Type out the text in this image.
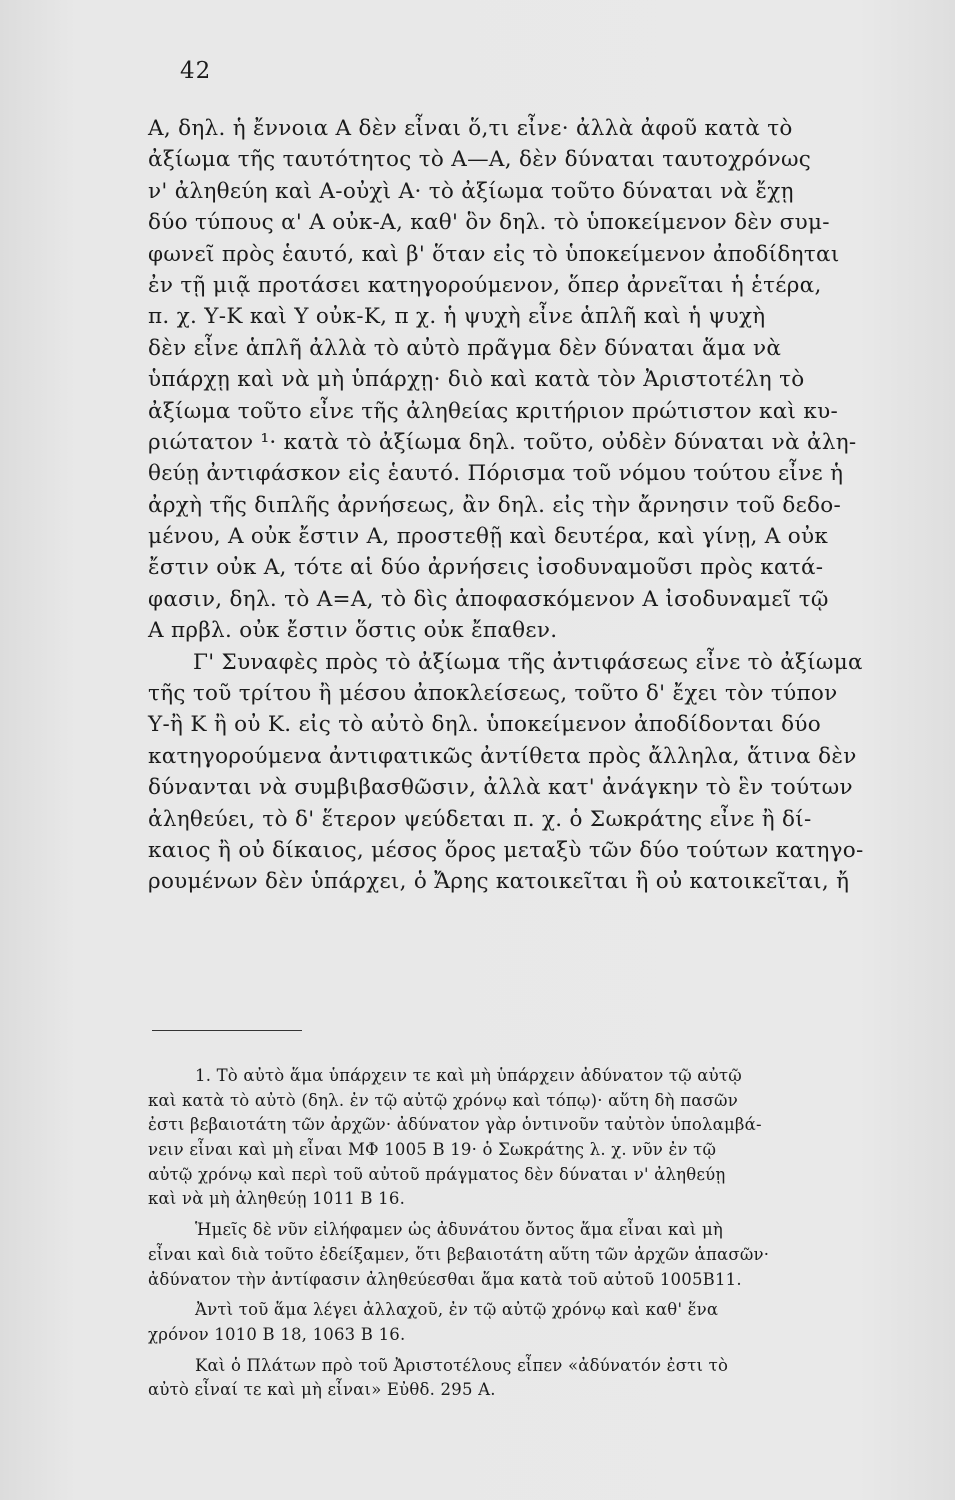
42
Α, δηλ. ἡ ἔννοια Α δὲν εἶναι ὅ,τι εἶνε· ἀλλὰ ἀφοῦ κατὰ τὸ
ἀξίωμα τῆς ταυτότητος τὸ Α—Α, δὲν δύναται ταυτοχρόνως
ν' ἀληθεύη καὶ Α-οὐχὶ Α· τὸ ἀξίωμα τοῦτο δύναται νὰ ἔχῃ
δύο τύπους α' Α οὐκ-Α, καθ' ὃν δηλ. τὸ ὑποκείμενον δὲν συμ-
φωνεῖ πρὸς ἑαυτό, καὶ β' ὅταν εἰς τὸ ὑποκείμενον ἀποδίδηται
ἐν τῇ μιᾷ προτάσει κατηγορούμενον, ὅπερ ἀρνεῖται ἡ ἑτέρα,
π. χ. Υ-Κ καὶ Υ οὐκ-Κ, π χ. ἡ ψυχὴ εἶνε ἁπλῆ καὶ ἡ ψυχὴ
δὲν εἶνε ἁπλῆ ἀλλὰ τὸ αὐτὸ πρᾶγμα δὲν δύναται ἅμα νὰ
ὑπάρχῃ καὶ νὰ μὴ ὑπάρχῃ· διὸ καὶ κατὰ τὸν Ἀριστοτέλη τὸ
ἀξίωμα τοῦτο εἶνε τῆς ἀληθείας κριτήριον πρώτιστον καὶ κυ-
ριώτατον ¹· κατὰ τὸ ἀξίωμα δηλ. τοῦτο, οὐδὲν δύναται νὰ ἀλη-
θεύῃ ἀντιφάσκον εἰς ἑαυτό. Πόρισμα τοῦ νόμου τούτου εἶνε ἡ
ἀρχὴ τῆς διπλῆς ἀρνήσεως, ἂν δηλ. εἰς τὴν ἄρνησιν τοῦ δεδο-
μένου, Α οὐκ ἔστιν Α, προστεθῇ καὶ δευτέρα, καὶ γίνῃ, Α οὐκ
ἔστιν οὐκ Α, τότε αἱ δύο ἀρνήσεις ἰσοδυναμοῦσι πρὸς κατά-
φασιν, δηλ. τὸ Α=Α, τὸ δὶς ἀποφασκόμενον Α ἰσοδυναμεῖ τῷ
Α πρβλ. οὐκ ἔστιν ὅστις οὐκ ἔπαθεν.
Γ' Συναφὲς πρὸς τὸ ἀξίωμα τῆς ἀντιφάσεως εἶνε τὸ ἀξίωμα
τῆς τοῦ τρίτου ἢ μέσου ἀποκλείσεως, τοῦτο δ' ἔχει τὸν τύπον
Υ-ἢ Κ ἢ οὐ Κ. εἰς τὸ αὐτὸ δηλ. ὑποκείμενον ἀποδίδονται δύο
κατηγορούμενα ἀντιφατικῶς ἀντίθετα πρὸς ἄλληλα, ἅτινα δὲν
δύνανται νὰ συμβιβασθῶσιν, ἀλλὰ κατ' ἀνάγκην τὸ ἓν τούτων
ἀληθεύει, τὸ δ' ἕτερον ψεύδεται π. χ. ὁ Σωκράτης εἶνε ἢ δί-
καιος ἢ οὐ δίκαιος, μέσος ὅρος μεταξὺ τῶν δύο τούτων κατηγο-
ρουμένων δὲν ὑπάρχει, ὁ Ἄρης κατοικεῖται ἢ οὐ κατοικεῖται, ἤ
1. Τὸ αὐτὸ ἅμα ὑπάρχειν τε καὶ μὴ ὑπάρχειν ἀδύνατον τῷ αὐτῷ
καὶ κατὰ τὸ αὐτὸ (δηλ. ἐν τῷ αὐτῷ χρόνῳ καὶ τόπῳ)· αὕτη δὴ πασῶν
ἐστι βεβαιοτάτη τῶν ἀρχῶν· ἀδύνατον γὰρ ὁντινοῦν ταὐτὸν ὑπολαμβά-
νειν εἶναι καὶ μὴ εἶναι ΜΦ 1005 Β 19· ὁ Σωκράτης λ. χ. νῦν ἐν τῷ
αὐτῷ χρόνῳ καὶ περὶ τοῦ αὐτοῦ πράγματος δὲν δύναται ν' ἀληθεύῃ
καὶ νὰ μὴ ἀληθεύῃ 1011 Β 16.
Ἡμεῖς δὲ νῦν εἰλήφαμεν ὡς ἀδυνάτου ὄντος ἅμα εἶναι καὶ μὴ
εἶναι καὶ διὰ τοῦτο ἐδείξαμεν, ὅτι βεβαιοτάτη αὕτη τῶν ἀρχῶν ἁπασῶν·
ἀδύνατον τὴν ἀντίφασιν ἀληθεύεσθαι ἅμα κατὰ τοῦ αὐτοῦ 1005Β11.
Ἀντὶ τοῦ ἅμα λέγει ἀλλαχοῦ, ἐν τῷ αὐτῷ χρόνῳ καὶ καθ' ἕνα
χρόνον 1010 Β 18, 1063 Β 16.
Καὶ ὁ Πλάτων πρὸ τοῦ Ἀριστοτέλους εἶπεν «ἀδύνατόν ἐστι τὸ
αὐτὸ εἶναί τε καὶ μὴ εἶναι» Εὐθδ. 295 Α.
